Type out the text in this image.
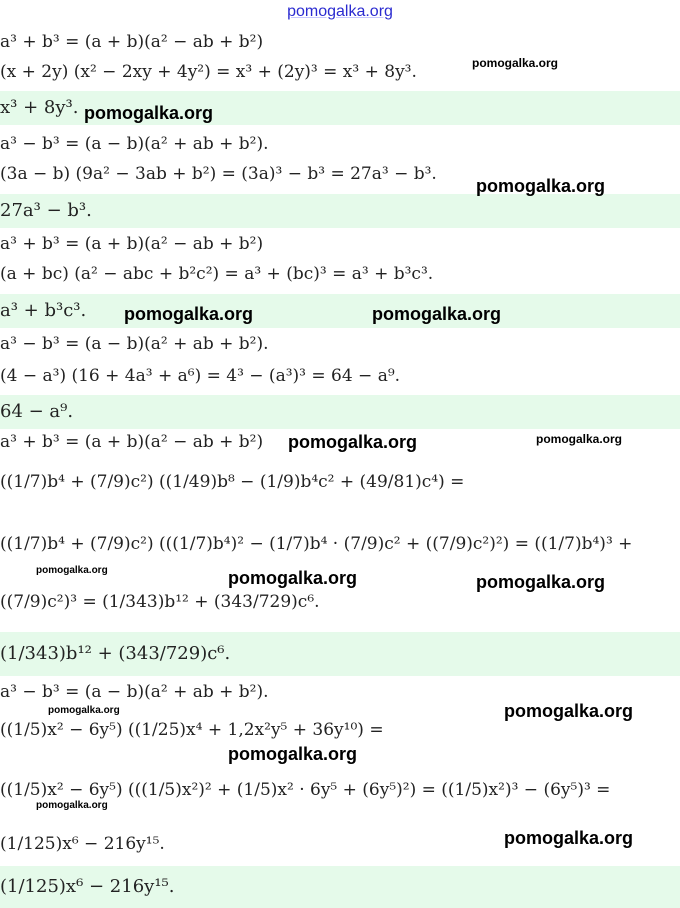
pomogalka.org
a³ + b³ = (a + b)(a² − ab + b²)
(x + 2y) (x² − 2xy + 4y²) = x³ + (2y)³ = x³ + 8y³.
x³ + 8y³.
a³ − b³ = (a − b)(a² + ab + b²).
(3a − b) (9a² − 3ab + b²) = (3a)³ − b³ = 27a³ − b³.
27a³ − b³.
a³ + b³ = (a + b)(a² − ab + b²)
(a + bc) (a² − abc + b²c²) = a³ + (bc)³ = a³ + b³c³.
a³ + b³c³.
a³ − b³ = (a − b)(a² + ab + b²).
(4 − a³) (16 + 4a³ + a⁶) = 4³ − (a³)³ = 64 − a⁹.
64 − a⁹.
a³ + b³ = (a + b)(a² − ab + b²)
((1/7)b⁴ + (7/9)c²) ((1/49)b⁸ − (1/9)b⁴c² + (49/81)c⁴) =
((1/7)b⁴ + (7/9)c²) (((1/7)b⁴)² − (1/7)b⁴ · (7/9)c² + ((7/9)c²)²) = ((1/7)b⁴)³ +
((7/9)c²)³ = (1/343)b¹² + (343/729)c⁶.
(1/343)b¹² + (343/729)c⁶.
a³ − b³ = (a − b)(a² + ab + b²).
((1/5)x² − 6y⁵) ((1/25)x⁴ + 1,2x²y⁵ + 36y¹⁰) =
((1/5)x² − 6y⁵) (((1/5)x²)² + (1/5)x² · 6y⁵ + (6y⁵)²) = ((1/5)x²)³ − (6y⁵)³ =
(1/125)x⁶ − 216y¹⁵.
(1/125)x⁶ − 216y¹⁵.
pomogalka.org
pomogalka.org
pomogalka.org
pomogalka.org	pomogalka.org
pomogalka.org	pomogalka.org
pomogalka.org	pomogalka.org	pomogalka.org
pomogalka.org	pomogalka.org
pomogalka.org
pomogalka.org
pomogalka.org
